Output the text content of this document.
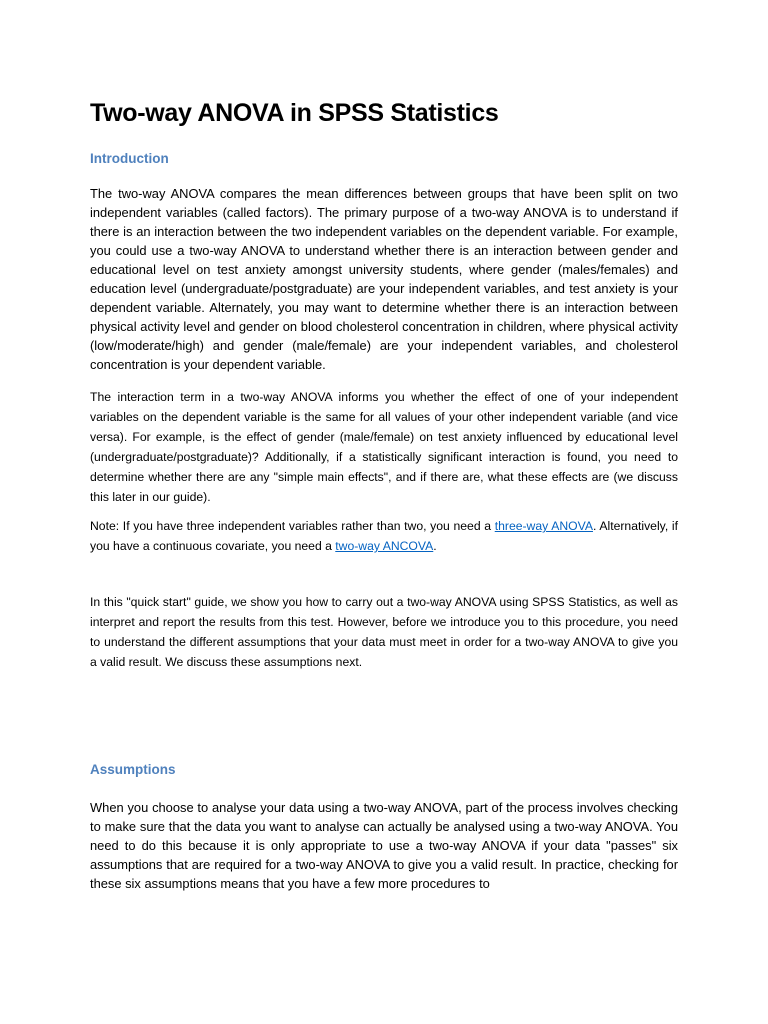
Two-way ANOVA in SPSS Statistics
Introduction

The two-way ANOVA compares the mean differences between groups that have been split on two independent variables (called factors). The primary purpose of a two-way ANOVA is to understand if there is an interaction between the two independent variables on the dependent variable. For example, you could use a two-way ANOVA to understand whether there is an interaction between gender and educational level on test anxiety amongst university students, where gender (males/females) and education level (undergraduate/postgraduate) are your independent variables, and test anxiety is your dependent variable. Alternately, you may want to determine whether there is an interaction between physical activity level and gender on blood cholesterol concentration in children, where physical activity (low/moderate/high) and gender (male/female) are your independent variables, and cholesterol concentration is your dependent variable.

The interaction term in a two-way ANOVA informs you whether the effect of one of your independent variables on the dependent variable is the same for all values of your other independent variable (and vice versa). For example, is the effect of gender (male/female) on test anxiety influenced by educational level (undergraduate/postgraduate)? Additionally, if a statistically significant interaction is found, you need to determine whether there are any "simple main effects", and if there are, what these effects are (we discuss this later in our guide).

Note: If you have three independent variables rather than two, you need a three-way ANOVA. Alternatively, if you have a continuous covariate, you need a two-way ANCOVA.

In this "quick start" guide, we show you how to carry out a two-way ANOVA using SPSS Statistics, as well as interpret and report the results from this test. However, before we introduce you to this procedure, you need to understand the different assumptions that your data must meet in order for a two-way ANOVA to give you a valid result. We discuss these assumptions next.

Assumptions

When you choose to analyse your data using a two-way ANOVA, part of the process involves checking to make sure that the data you want to analyse can actually be analysed using a two-way ANOVA. You need to do this because it is only appropriate to use a two-way ANOVA if your data "passes" six assumptions that are required for a two-way ANOVA to give you a valid result. In practice, checking for these six assumptions means that you have a few more procedures to
